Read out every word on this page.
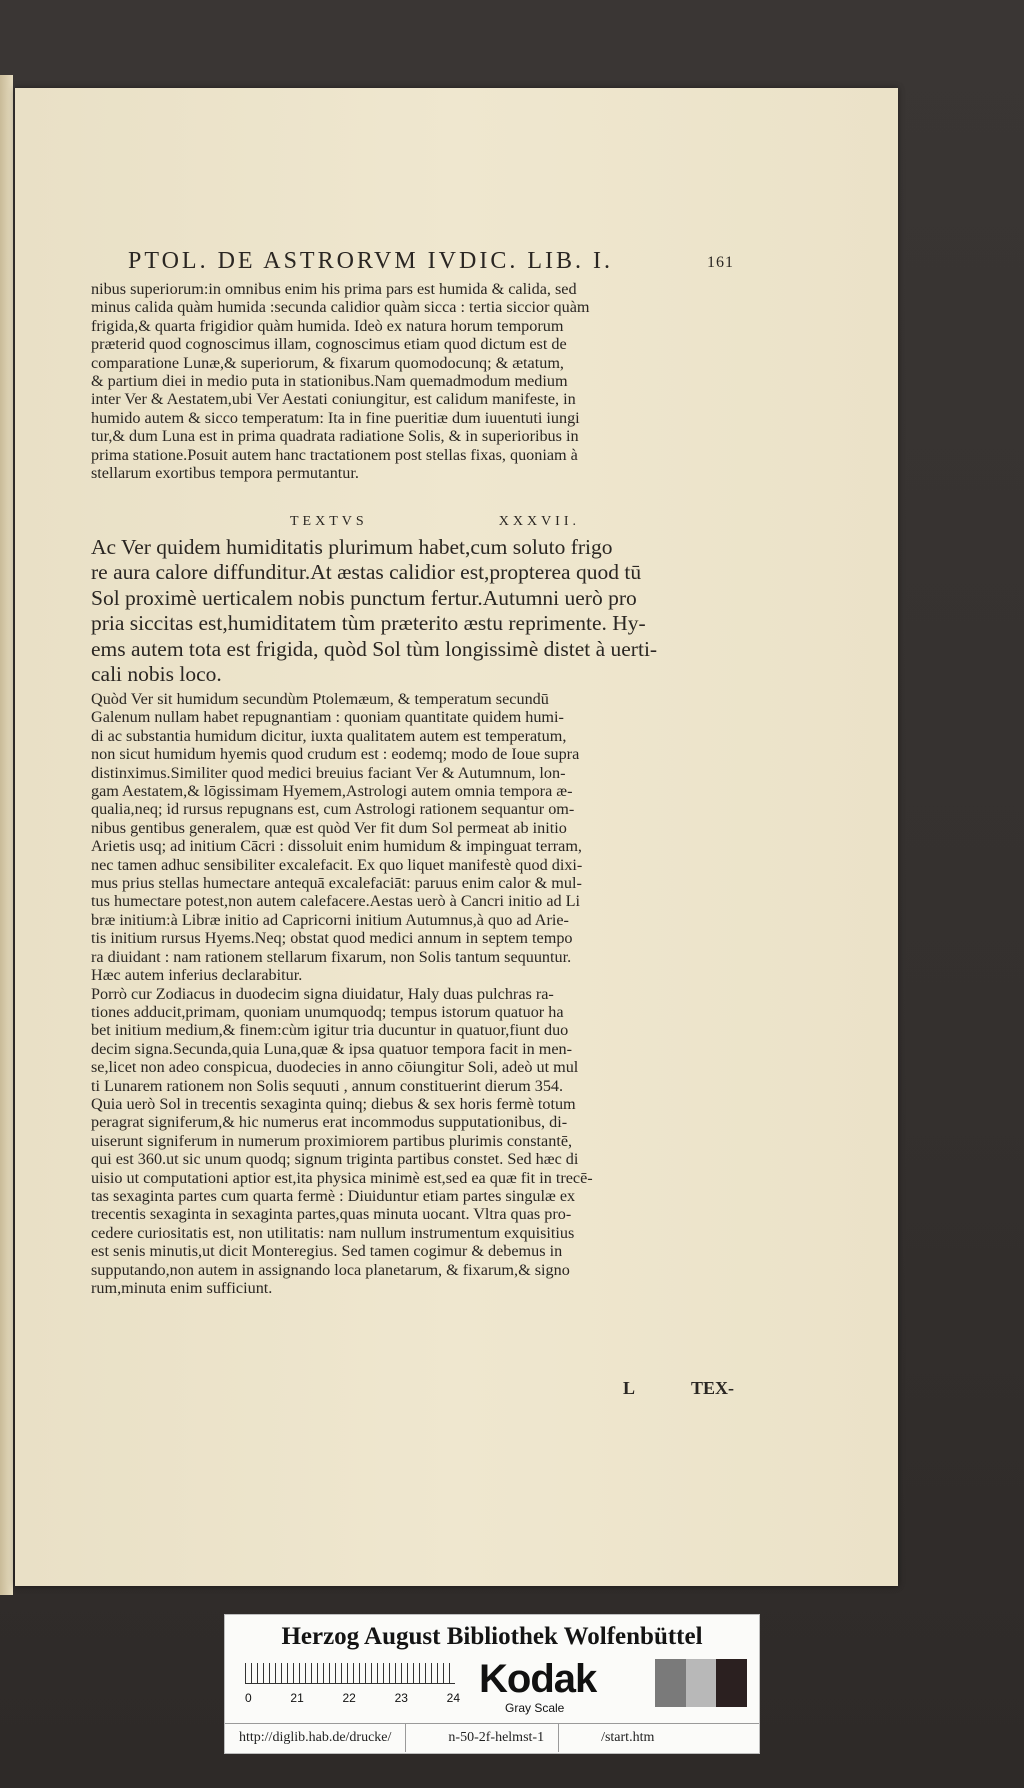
PTOL. DE ASTRORVM IVDIC. LIB. I.	161
nibus superiorum:in omnibus enim his prima pars est humida & calida, sed
minus calida quàm humida :secunda calidior quàm sicca : tertia siccior quàm
frigida,& quarta frigidior quàm humida. Ideò ex natura horum temporum
præterid quod cognoscimus illam, cognoscimus etiam quod dictum est de
comparatione Lunæ,& superiorum, & fixarum quomodocunq; & ætatum,
& partium diei in medio puta in stationibus.Nam quemadmodum medium
inter Ver & Aestatem,ubi Ver Aestati coniungitur, est calidum manifeste, in
humido autem & sicco temperatum: Ita in fine pueritiæ dum iuuentuti iungi
tur,& dum Luna est in prima quadrata radiatione Solis, & in superioribus in
prima statione.Posuit autem hanc tractationem post stellas fixas, quoniam à
stellarum exortibus tempora permutantur.
TEXTVS	XXXVII.
Ac Ver quidem humiditatis plurimum habet,cum soluto frigo
re aura calore diffunditur.At æstas calidior est,propterea quod tū
Sol proximè uerticalem nobis punctum fertur.Autumni uerò pro
pria siccitas est,humiditatem tùm præterito æstu reprimente. Hy-
ems autem tota est frigida, quòd Sol tùm longissimè distet à uerti-
cali nobis loco.
Quòd Ver sit humidum secundùm Ptolemæum, & temperatum secundū
Galenum nullam habet repugnantiam : quoniam quantitate quidem humi-
di ac substantia humidum dicitur, iuxta qualitatem autem est temperatum,
non sicut humidum hyemis quod crudum est : eodemq; modo de Ioue supra
distinximus.Similiter quod medici breuius faciant Ver & Autumnum, lon-
gam Aestatem,& lōgissimam Hyemem,Astrologi autem omnia tempora æ-
qualia,neq; id rursus repugnans est, cum Astrologi rationem sequantur om-
nibus gentibus generalem, quæ est quòd Ver fit dum Sol permeat ab initio
Arietis usq; ad initium Cācri : dissoluit enim humidum & impinguat terram,
nec tamen adhuc sensibiliter excalefacit. Ex quo liquet manifestè quod dixi-
mus prius stellas humectare antequā excalefaciāt: paruus enim calor & mul-
tus humectare potest,non autem calefacere.Aestas uerò à Cancri initio ad Li
bræ initium:à Libræ initio ad Capricorni initium Autumnus,à quo ad Arie-
tis initium rursus Hyems.Neq; obstat quod medici annum in septem tempo
ra diuidant : nam rationem stellarum fixarum, non Solis tantum sequuntur.
Hæc autem inferius declarabitur.
Porrò cur Zodiacus in duodecim signa diuidatur, Haly duas pulchras ra-
tiones adducit,primam, quoniam unumquodq; tempus istorum quatuor ha
bet initium medium,& finem:cùm igitur tria ducuntur in quatuor,fiunt duo
decim signa.Secunda,quia Luna,quæ & ipsa quatuor tempora facit in men-
se,licet non adeo conspicua, duodecies in anno cōiungitur Soli, adeò ut mul
ti Lunarem rationem non Solis sequuti , annum constituerint dierum 354.
Quia uerò Sol in trecentis sexaginta quinq; diebus & sex horis fermè totum
peragrat signiferum,& hic numerus erat incommodus supputationibus, di-
uiserunt signiferum in numerum proximiorem partibus plurimis constantē,
qui est 360.ut sic unum quodq; signum triginta partibus constet. Sed hæc di
uisio ut computationi aptior est,ita physica minimè est,sed ea quæ fit in trecē-
tas sexaginta partes cum quarta fermè : Diuiduntur etiam partes singulæ ex
trecentis sexaginta in sexaginta partes,quas minuta uocant. Vltra quas pro-
cedere curiositatis est, non utilitatis: nam nullum instrumentum exquisitius
est senis minutis,ut dicit Monteregius. Sed tamen cogimur & debemus in
supputando,non autem in assignando loca planetarum, & fixarum,& signo
rum,minuta enim sufficiunt.
L	TEX-
Herzog August Bibliothek Wolfenbüttel
0	21	22	23	24 Kodak
Gray Scale
http://diglib.hab.de/drucke/	n-50-2f-helmst-1	/start.htm
